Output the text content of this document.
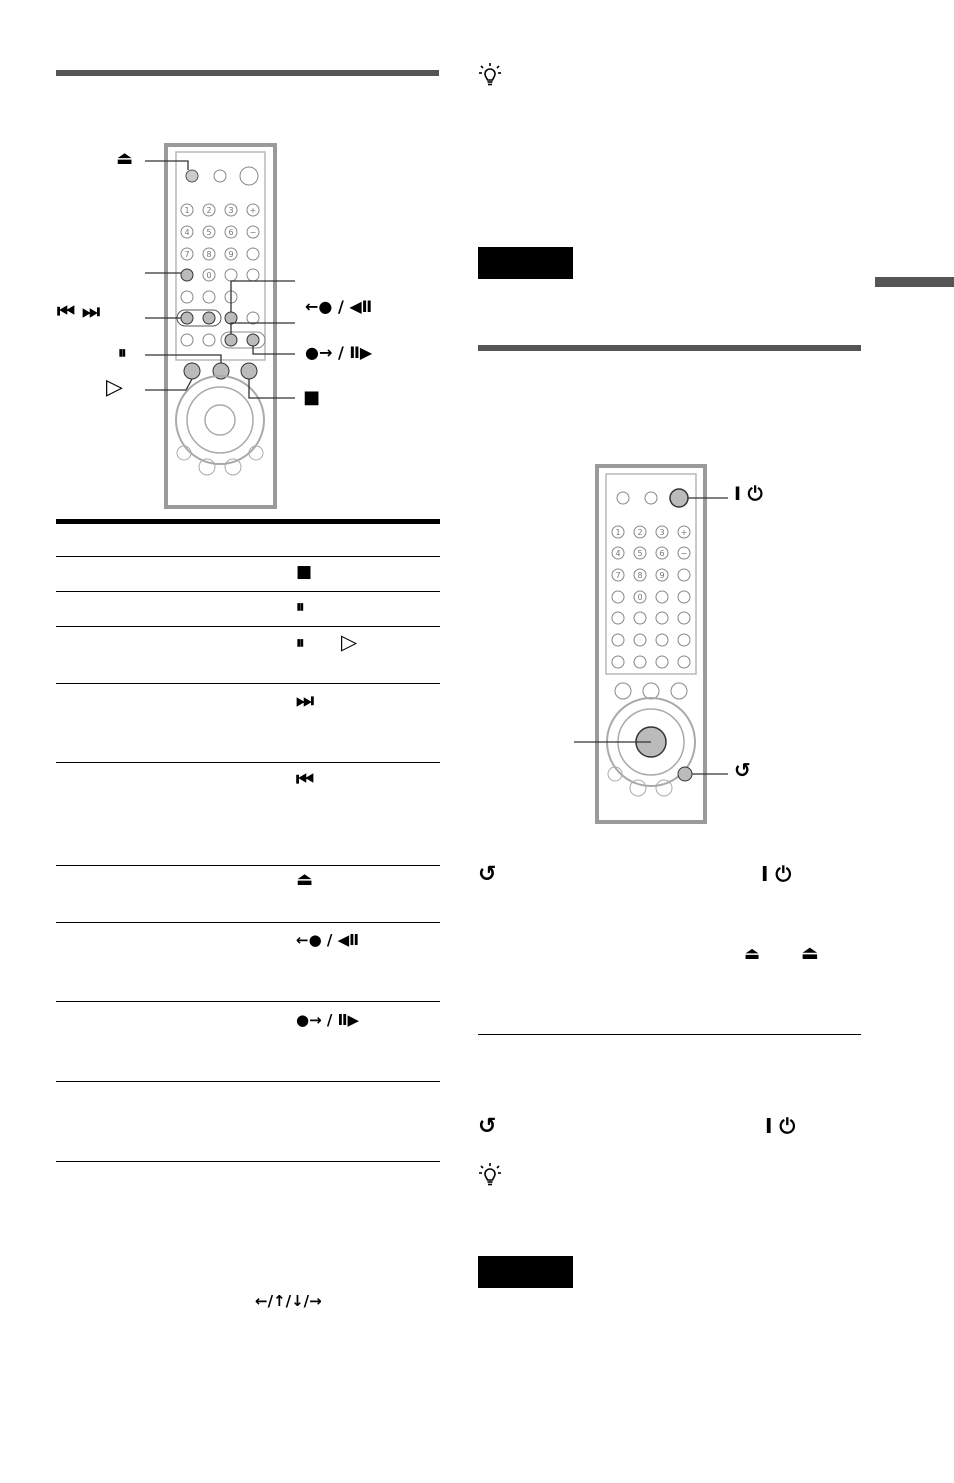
1 2 3
4 5 6
7 8 9
0
+
−
⏏
⏮ ⏭
⏸
▷
←● / ◀Ⅱ
●→ / Ⅱ▶
■
■
⏸
⏸ ▷
⏭
⏮
⏏
←● / ◀Ⅱ
●→ / Ⅱ▶
←/↑/↓/→
1 2 3
4 5 6
7 8 9
0
+
−
I ⏻
↺
↺	I ⏻
⏏ ⏏
↺	I ⏻
